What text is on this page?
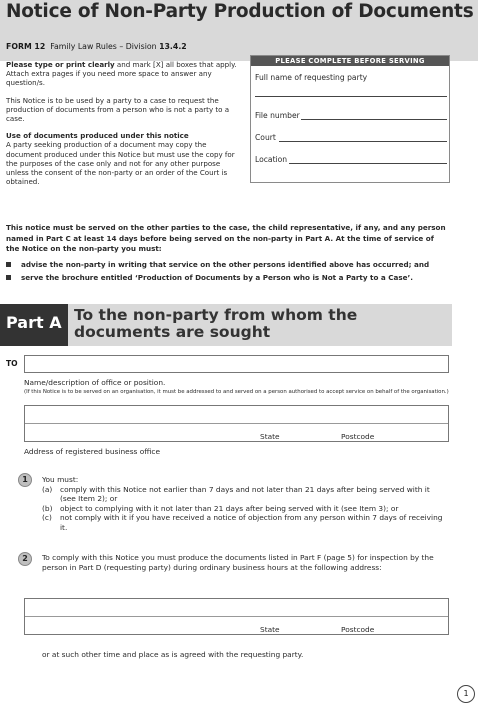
Notice of Non-Party Production of Documents
FORM 12 Family Law Rules – Division 13.4.2

Please type or print clearly and mark [X] all boxes that apply. Attach extra pages if you need more space to answer any question/s.

This Notice is to be used by a party to a case to request the production of documents from a person who is not a party to a case.

Use of documents produced under this notice

A party seeking production of a document may copy the document produced under this Notice but must use the copy for the purposes of the case only and not for any other purpose unless the consent of the non-party or an order of the Court is obtained.

PLEASE COMPLETE BEFORE SERVING
Full name of requesting party
File number
Court
Location
This notice must be served on the other parties to the case, the child representative, if any, and any person named in Part C at least 14 days before being served on the non-party in Part A. At the time of service of the Notice on the non-party you must:
advise the non-party in writing that service on the other persons identified above has occurred; and
serve the brochure entitled ‘Production of Documents by a Person who is Not a Party to a Case’.
Part A To the non-party from whom the documents are sought
TO
Name/description of office or position.
(If this Notice is to be served on an organisation, it must be addressed to and served on a person authorised to accept service on behalf of the organisation.)
State	Postcode
Address of registered business office
1	You must:
(a)	comply with this Notice not earlier than 7 days and not later than 21 days after being served with it (see Item 2); or
(b)	object to complying with it not later than 21 days after being served with it (see Item 3); or
(c)	not comply with it if you have received a notice of objection from any person within 7 days of receiving it.
2	To comply with this Notice you must produce the documents listed in Part F (page 5) for inspection by the person in Part D (requesting party) during ordinary business hours at the following address:
State	Postcode
or at such other time and place as is agreed with the requesting party.
1
